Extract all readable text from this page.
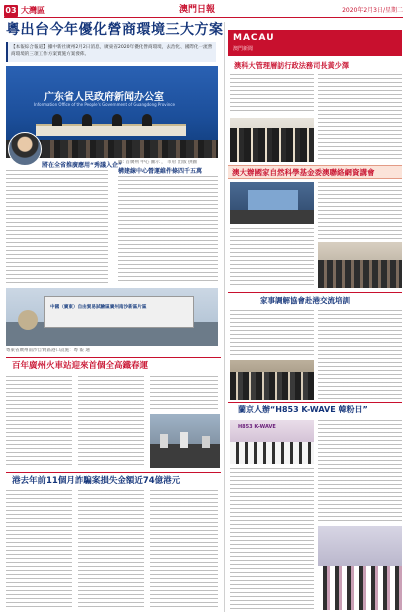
03 大灣區	澳門日報	2020年2月3日/星期二
粵出台今年優化營商環境三大方案
【本報綜合報道】據中新社廣州2月2日消息，廣東省2020年優化營商環境，去治化、國際化一流營商環境的三項工作方案實施方案發佈。
广东省人民政府新闻办公室
Information Office of the People's Government of Guangdong Province
將在全省推廣應用“秀議入企”
圖: 首廣州 中心 圖示 ， 市府 出版 供圖
構建線中心營運維件條四千五萬
中國（廣東）自由貿易試驗區廣州南沙新區片區
粵東省廣州南沙自貿區港口設施：粵 報 通
百年廣州火車站迎來首個全高鐵春運
港去年前11個月詐騙案損失金額近74億港元
MACAU
澳門新聞
澳科大管理層訪行政法務司長黃少澤
澳大辦國家自然科學基金委澳聯絡網資講會
家事調解協會赴港交流培訓
蘭京人辦“H853 K-WAVE 韓粉日”
H853 K-WAVE
